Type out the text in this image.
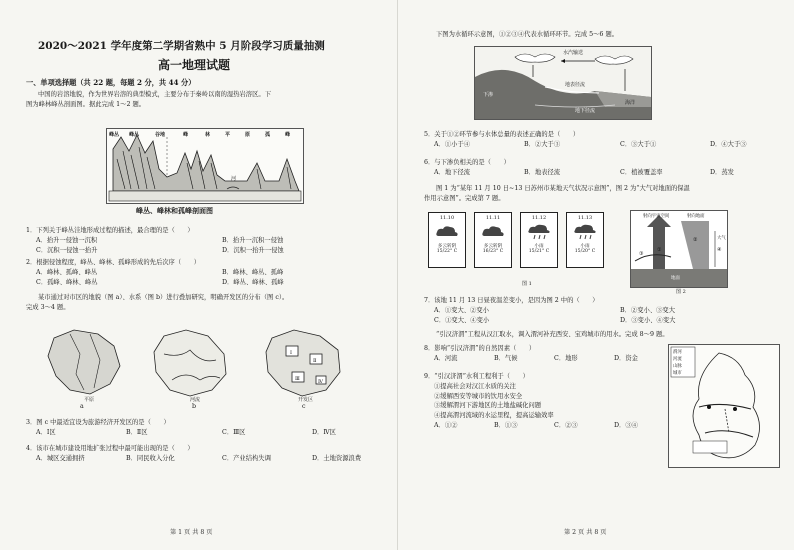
2020～2021 学年度第二学期省熟中 5 月阶段学习质量抽测
高一地理试题
一、单项选择题（共 22 题，每题 2 分，共 44 分）
中国的岩溶地貌，作为世界岩溶的典型模式，主要分布于秦岭以南的湿热岩溶区。下
图为峰林峰丛剖面图。据此完成 1～2 题。
峰丛 峰丛	谷地	峰	林	平	原	孤	峰
河
峰丛、峰林和孤峰剖面图
1．下列关于峰丛洼地形成过程的描述，最合理的是（　　）
A．抬升一侵蚀一沉积	B．抬升一沉积一侵蚀
C．沉积一侵蚀一抬升	D．沉积一抬升一侵蚀
2．根据侵蚀程度，峰丛、峰林、孤峰形成的先后次序（　　）
A．峰林、孤峰、峰丛	B．峰林、峰丛、孤峰
C．孤峰、峰林、峰丛	D．峰丛、峰林、孤峰
某市通过对市区的地貌（图 a）、水系（图 b）进行叠加研究，明确开发区的分布（图 c）。
完成 3～4 题。
Ⅰ
Ⅱ
Ⅲ	Ⅳ
平原	河流	开发区
a	b	c
3．图 c 中最适宜设为旅游经济开发区的是（　　）
A．Ⅰ区	B．Ⅱ区	C．Ⅲ区	D．Ⅳ区
4．该市在城市建设用地扩张过程中最可能出现的是（　　）
A．城区交通拥挤	B．同民收入分化	C．产业结构失调	D．土地资源浪费
第 1 页 共 8 页
下图为水循环示意图，①②③④代表水循环环节。完成 5～6 题。
水汽输送
下渗
地表径流
地下径流
海洋
5．关于①②环节参与水体总量的表述正确的是（　　）
A．①小于④	B．②大于③	C．③大于①	D．④大于③
6．与下渗负相关的是（　　）
A．地下径流	B．地表径流	C．植被覆盖率	D．蒸发
图 1 为“某年 11 月 10 日~13 日苏州市某地天气状况示意图”，图 2 为“大气对地面的保温
作用示意图”。完成第 7 题。
11.10
多云转阴
15/22° C
11.11
多云转阴
16/23° C
11.12
小雨
15/21° C
11.13
小雨
15/20° C
图 1
①
②
③
④
射向宇宙空间	射向地面
大气
地面
图 2
7．该地 11 月 13 日昼夜温差变小，是因为图 2 中的（　　）
A．①变大、②变小	B．②变小、③变大
C．①变大、④变小	D．③变小、④变大
“引汉济渭”工程从汉江取水，调入渭河补充西安、宝鸡城市的用水。完成 8～9 题。
渭河
河流
山脉
城市
8．影响“引汉济渭”的自然因素（　　）
A．河流	B．气候	C．地形	D．资金
9．“引汉济渭”水利工程利于（　　）
①提高社会对汉江水质的关注
②缓解西安等城市的饮用水安全
③缓解渭河下游地区的土地盐碱化问题
④提高渭河流域的水运里程，提高运输效率
A．①②	B．①③	C．②③	D．③④
第 2 页 共 8 页
